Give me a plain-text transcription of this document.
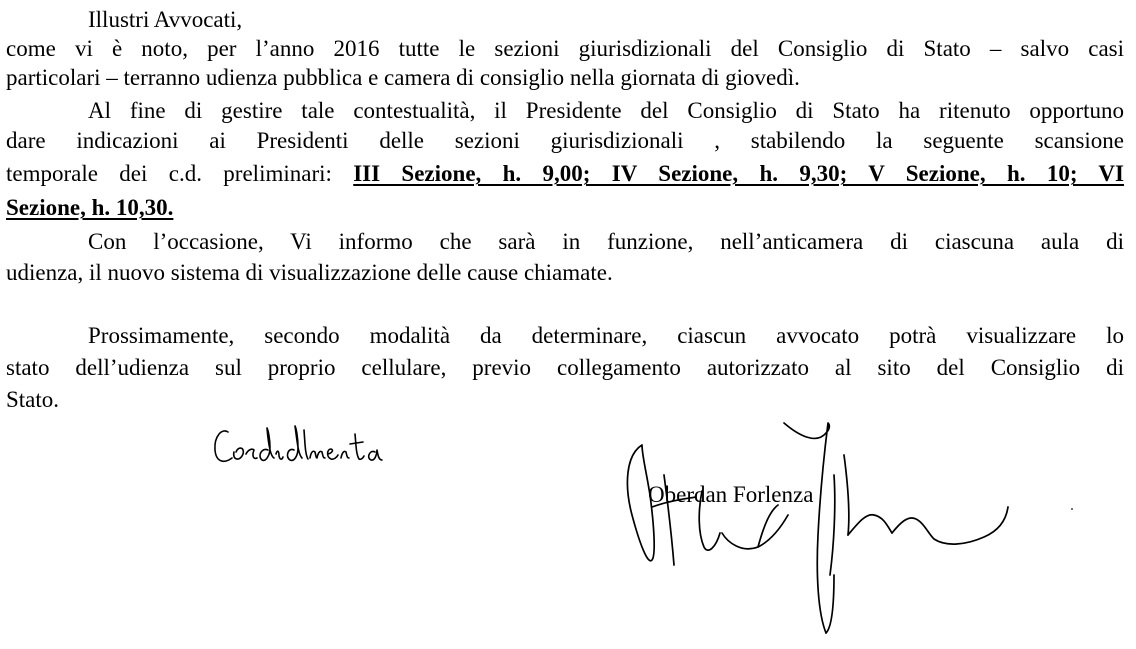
Illustri Avvocati,
come vi è noto, per l’anno 2016 tutte le sezioni giurisdizionali del Consiglio di Stato – salvo casi
particolari – terranno udienza pubblica e camera di consiglio nella giornata di giovedì.
Al fine di gestire tale contestualità, il Presidente del Consiglio di Stato ha ritenuto opportuno
dare indicazioni ai Presidenti delle sezioni giurisdizionali , stabilendo la seguente scansione
temporale dei c.d. preliminari: III Sezione, h. 9,00; IV Sezione, h. 9,30; V Sezione, h. 10; VI
Sezione, h. 10,30.
Con l’occasione, Vi informo che sarà in funzione, nell’anticamera di ciascuna aula di
udienza, il nuovo sistema di visualizzazione delle cause chiamate.
Prossimamente, secondo modalità da determinare, ciascun avvocato potrà visualizzare lo
stato dell’udienza sul proprio cellulare, previo collegamento autorizzato al sito del Consiglio di
Stato.
Oberdan Forlenza
